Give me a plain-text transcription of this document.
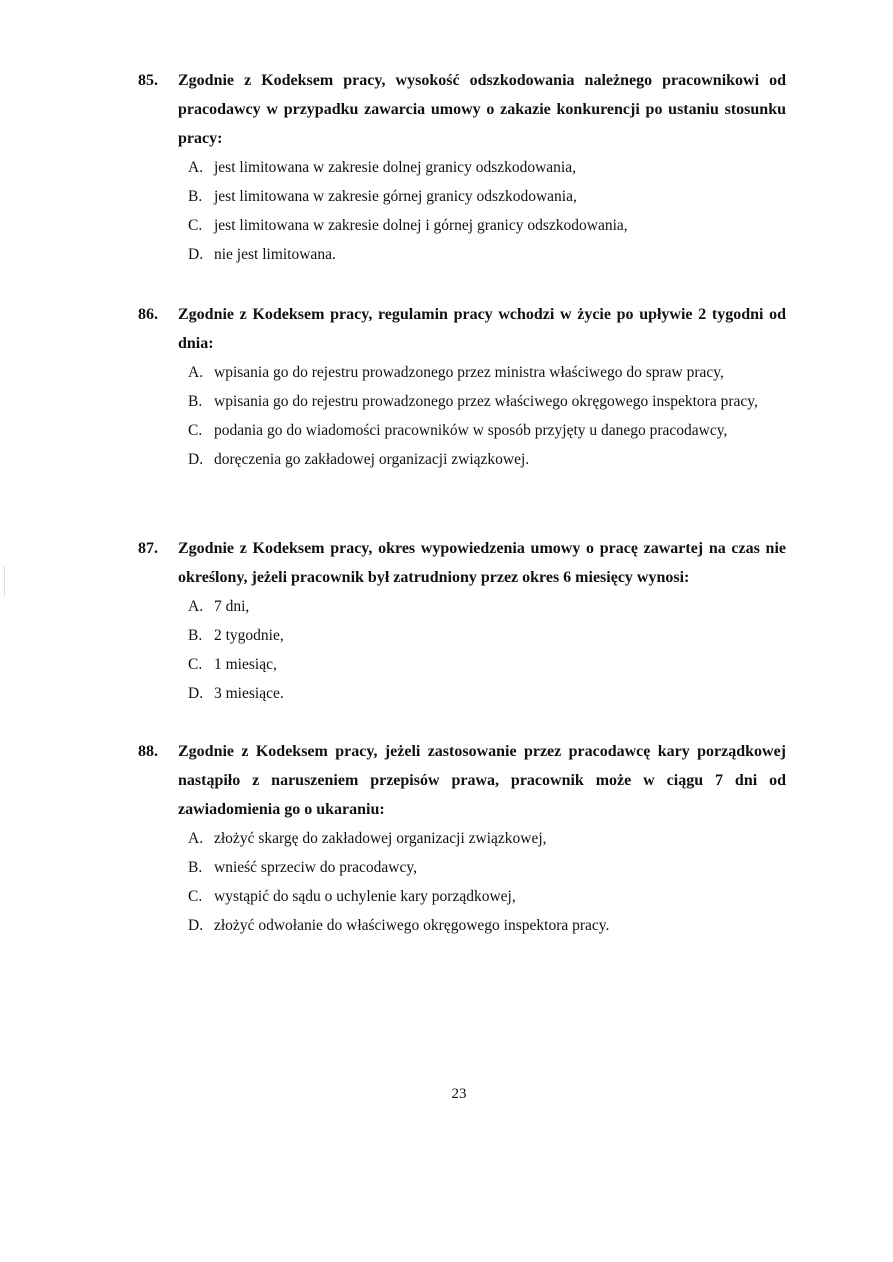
85.	Zgodnie z Kodeksem pracy, wysokość odszkodowania należnego pracownikowi od pracodawcy w przypadku zawarcia umowy o zakazie konkurencji po ustaniu stosunku pracy:
A. jest limitowana w zakresie dolnej granicy odszkodowania,
B. jest limitowana w zakresie górnej granicy odszkodowania,
C. jest limitowana w zakresie dolnej i górnej granicy odszkodowania,
D. nie jest limitowana.
86.	Zgodnie z Kodeksem pracy, regulamin pracy wchodzi w życie po upływie 2 tygodni od dnia:
A. wpisania go do rejestru prowadzonego przez ministra właściwego do spraw pracy,
B. wpisania go do rejestru prowadzonego przez właściwego okręgowego inspektora pracy,
C. podania go do wiadomości pracowników w sposób przyjęty u danego pracodawcy,
D. doręczenia go zakładowej organizacji związkowej.
87.	Zgodnie z Kodeksem pracy, okres wypowiedzenia umowy o pracę zawartej na czas nie określony, jeżeli pracownik był zatrudniony przez okres 6 miesięcy wynosi:
A. 7 dni,
B. 2 tygodnie,
C. 1 miesiąc,
D. 3 miesiące.
88.	Zgodnie z Kodeksem pracy, jeżeli zastosowanie przez pracodawcę kary porządkowej nastąpiło z naruszeniem przepisów prawa, pracownik może w ciągu 7 dni od zawiadomienia go o ukaraniu:
A. złożyć skargę do zakładowej organizacji związkowej,
B. wnieść sprzeciw do pracodawcy,
C. wystąpić do sądu o uchylenie kary porządkowej,
D. złożyć odwołanie do właściwego okręgowego inspektora pracy.
23
